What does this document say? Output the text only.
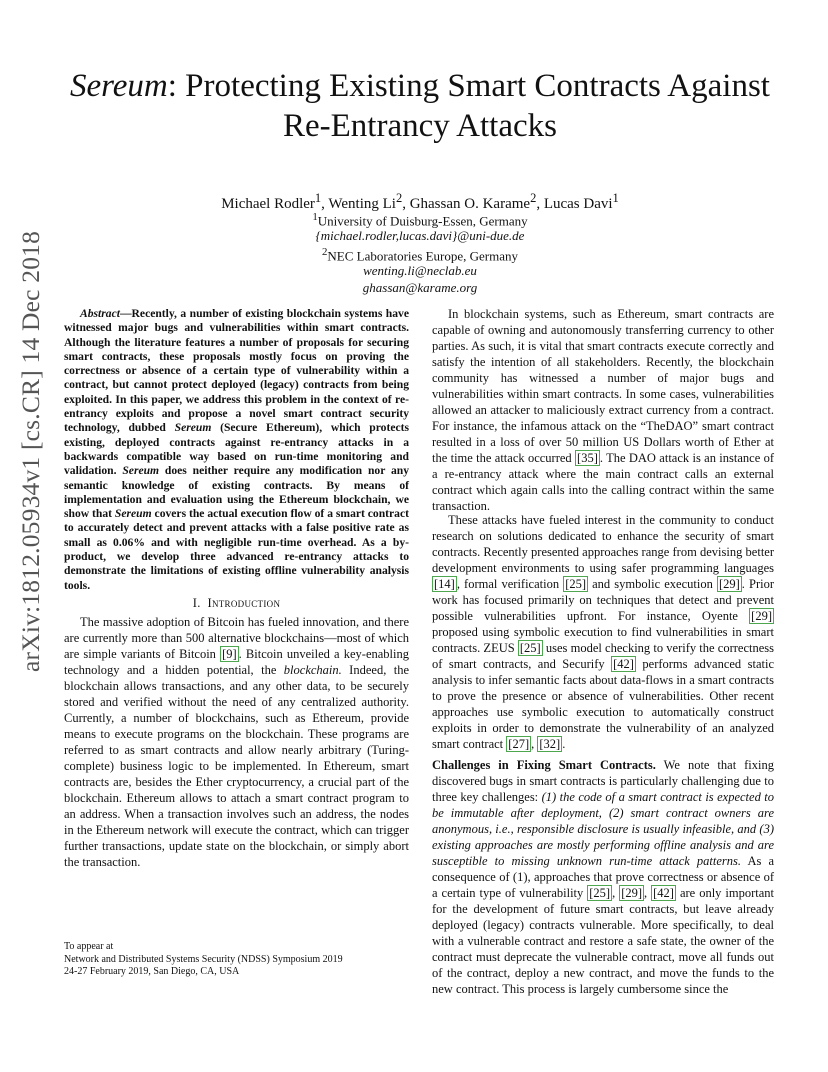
arXiv:1812.05934v1 [cs.CR] 14 Dec 2018
Sereum: Protecting Existing Smart Contracts Against
Re-Entrancy Attacks
Michael Rodler$^1$, Wenting Li$^2$, Ghassan O. Karame$^2$, Lucas Davi$^1$
$^1$University of Duisburg-Essen, Germany
{michael.rodler,lucas.davi}@uni-due.de
$^2$NEC Laboratories Europe, Germany
wenting.li@neclab.eu
ghassan@karame.org

Abstract—Recently, a number of existing blockchain systems have witnessed major bugs and vulnerabilities within smart contracts. Although the literature features a number of proposals for securing smart contracts, these proposals mostly focus on proving the correctness or absence of a certain type of vulnerability within a contract, but cannot protect deployed (legacy) contracts from being exploited. In this paper, we address this problem in the context of re-entrancy exploits and propose a novel smart contract security technology, dubbed Sereum (Secure Ethereum), which protects existing, deployed contracts against re-entrancy attacks in a backwards compatible way based on run-time monitoring and validation. Sereum does neither require any modification nor any semantic knowledge of existing contracts. By means of implementation and evaluation using the Ethereum blockchain, we show that Sereum covers the actual execution flow of a smart contract to accurately detect and prevent attacks with a false positive rate as small as 0.06% and with negligible run-time overhead. As a by-product, we develop three advanced re-entrancy attacks to demonstrate the limitations of existing offline vulnerability analysis tools.

I. Introduction

The massive adoption of Bitcoin has fueled innovation, and there are currently more than 500 alternative blockchains—most of which are simple variants of Bitcoin [9] . Bitcoin unveiled a key-enabling technology and a hidden potential, the blockchain. Indeed, the blockchain allows transactions, and any other data, to be securely stored and verified without the need of any centralized authority. Currently, a number of blockchains, such as Ethereum, provide means to execute programs on the blockchain. These programs are referred to as smart contracts and allow nearly arbitrary (Turing-complete) business logic to be implemented. In Ethereum, smart contracts are, besides the Ether cryptocurrency, a crucial part of the blockchain. Ethereum allows to attach a smart contract program to an address. When a transaction involves such an address, the nodes in the Ethereum network will execute the contract, which can trigger further transactions, update state on the blockchain, or simply abort the transaction.

To appear at
Network and Distributed Systems Security (NDSS) Symposium 2019
24-27 February 2019, San Diego, CA, USA

In blockchain systems, such as Ethereum, smart contracts are capable of owning and autonomously transferring currency to other parties. As such, it is vital that smart contracts execute correctly and satisfy the intention of all stakeholders. Recently, the blockchain community has witnessed a number of major bugs and vulnerabilities within smart contracts. In some cases, vulnerabilities allowed an attacker to maliciously extract currency from a contract. For instance, the infamous attack on the “TheDAO” smart contract resulted in a loss of over 50 million US Dollars worth of Ether at the time the attack occurred [35] . The DAO attack is an instance of a re-entrancy attack where the main contract calls an external contract which again calls into the calling contract within the same transaction.

These attacks have fueled interest in the community to conduct research on solutions dedicated to enhance the security of smart contracts. Recently presented approaches range from devising better development environments to using safer programming languages [14] , formal verification [25] and symbolic execution [29] . Prior work has focused primarily on techniques that detect and prevent possible vulnerabilities upfront. For instance, Oyente [29] proposed using symbolic execution to find vulnerabilities in smart contracts. ZEUS [25] uses model checking to verify the correctness of smart contracts, and Securify [42] performs advanced static analysis to infer semantic facts about data-flows in a smart contracts to prove the presence or absence of vulnerabilities. Other recent approaches use symbolic execution to automatically construct exploits in order to demonstrate the vulnerability of an analyzed smart contract [27] , [32] .

Challenges in Fixing Smart Contracts. We note that fixing discovered bugs in smart contracts is particularly challenging due to three key challenges: (1) the code of a smart contract is expected to be immutable after deployment, (2) smart contract owners are anonymous, i.e., responsible disclosure is usually infeasible, and (3) existing approaches are mostly performing offline analysis and are susceptible to missing unknown run-time attack patterns. As a consequence of (1), approaches that prove correctness or absence of a certain type of vulnerability [25] , [29] , [42] are only important for the development of future smart contracts, but leave already deployed (legacy) contracts vulnerable. More specifically, to deal with a vulnerable contract and restore a safe state, the owner of the contract must deprecate the vulnerable contract, move all funds out of the contract, deploy a new contract, and move the funds to the new contract. This process is largely cumbersome since the
